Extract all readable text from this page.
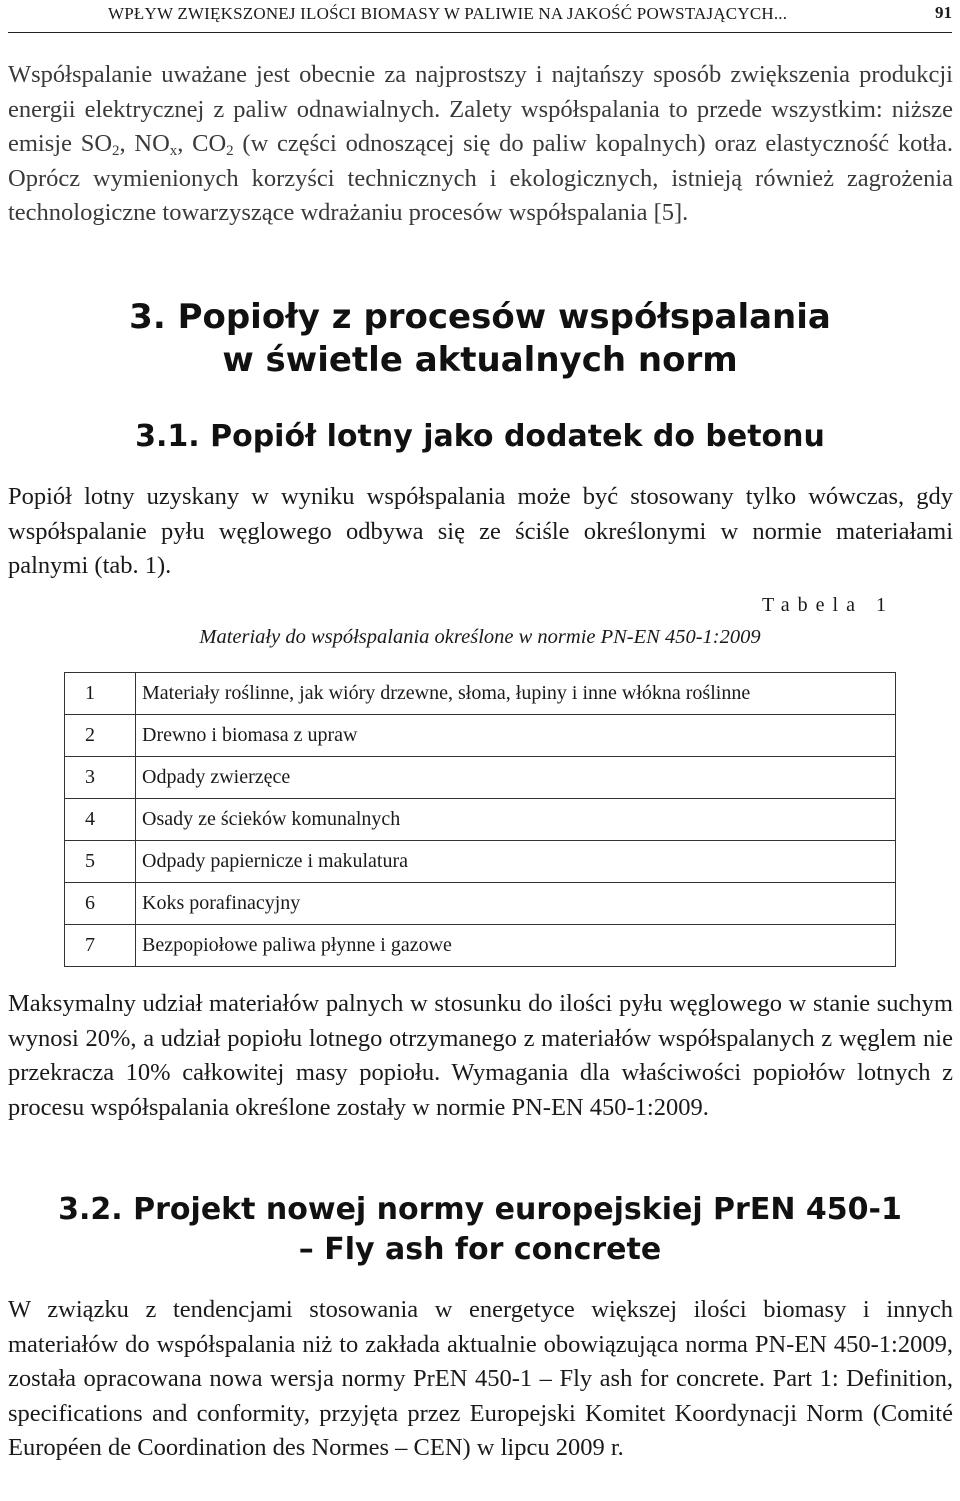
WPŁYW ZWIĘKSZONEJ ILOŚCI BIOMASY W PALIWIE NA JAKOŚĆ POWSTAJĄCYCH...	91

Współspalanie uważane jest obecnie za najprostszy i najtańszy sposób zwiększenia produkcji energii elektrycznej z paliw odnawialnych. Zalety współspalania to przede wszystkim: niższe emisje $SO_2$, $NO_x$, $CO_2$ (w części odnoszącej się do paliw kopalnych) oraz elastyczność kotła. Oprócz wymienionych korzyści technicznych i ekologicznych, istnieją również zagrożenia technologiczne towarzyszące wdrażaniu procesów współspalania [5].

3. Popioły z procesów współspalania
w świetle aktualnych norm
3.1. Popiół lotny jako dodatek do betonu

Popiół lotny uzyskany w wyniku współspalania może być stosowany tylko wówczas, gdy współspalanie pyłu węglowego odbywa się ze ściśle określonymi w normie materiałami palnymi (tab. 1).

Tabela 1
Materiały do współspalania określone w normie PN-EN 450-1:2009
1	Materiały roślinne, jak wióry drzewne, słoma, łupiny i inne włókna roślinne
2	Drewno i biomasa z upraw
3	Odpady zwierzęce
4	Osady ze ścieków komunalnych
5	Odpady papiernicze i makulatura
6	Koks porafinacyjny
7	Bezpopiołowe paliwa płynne i gazowe

Maksymalny udział materiałów palnych w stosunku do ilości pyłu węglowego w stanie suchym wynosi 20%, a udział popiołu lotnego otrzymanego z materiałów współspalanych z węglem nie przekracza 10% całkowitej masy popiołu. Wymagania dla właściwości popiołów lotnych z procesu współspalania określone zostały w normie PN-EN 450-1:2009.

3.2. Projekt nowej normy europejskiej PrEN 450-1
– Fly ash for concrete

W związku z tendencjami stosowania w energetyce większej ilości biomasy i innych materiałów do współspalania niż to zakłada aktualnie obowiązująca norma PN-EN 450-1:2009, została opracowana nowa wersja normy PrEN 450-1 – Fly ash for concrete. Part 1: Definition, specifications and conformity, przyjęta przez Europejski Komitet Koordynacji Norm (Comité Européen de Coordination des Normes – CEN) w lipcu 2009 r.
